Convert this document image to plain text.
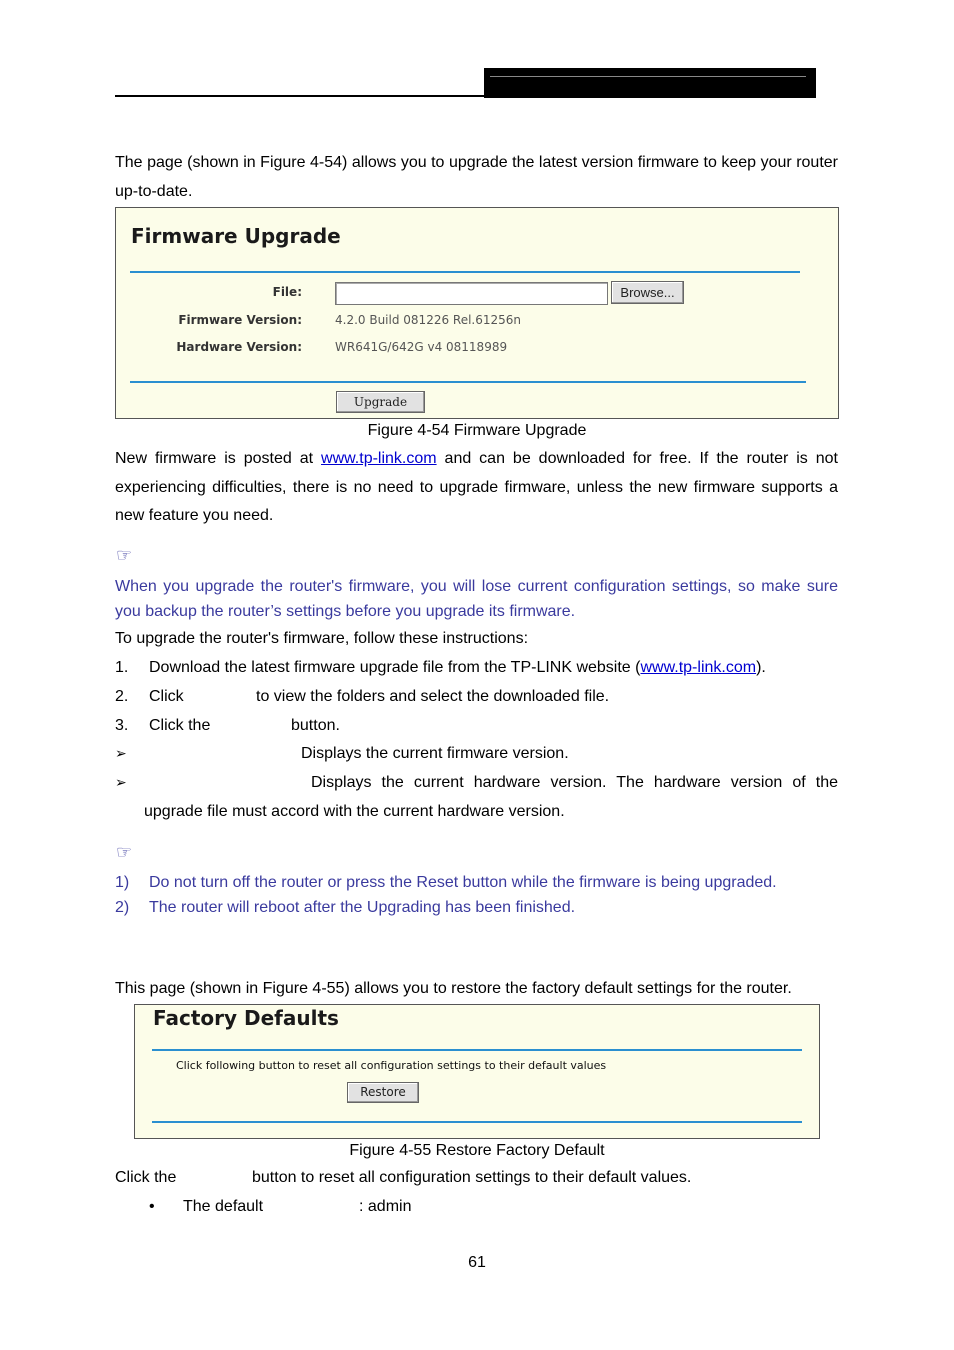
The page (shown in Figure 4-54) allows you to upgrade the latest version firmware to keep your router up-to-date.
Firmware Upgrade
File:	Browse...
Firmware Version:	4.2.0 Build 081226 Rel.61256n
Hardware Version:	WR641G/642G v4 08118989
Upgrade
Figure 4-54 Firmware Upgrade
New firmware is posted at www.tp-link.com and can be downloaded for free. If the router is not experiencing difficulties, there is no need to upgrade firmware, unless the new firmware supports a new feature you need.
☞
When you upgrade the router's firmware, you will lose current configuration settings, so make sure you backup the router’s settings before you upgrade its firmware.
To upgrade the router's firmware, follow these instructions:
1. Download the latest firmware upgrade file from the TP-LINK website (www.tp-link.com).
2. Click	to view the folders and select the downloaded file.
3. Click the	button.
➢	Displays the current firmware version.
➢	Displays the current hardware version. The hardware version of the
upgrade file must accord with the current hardware version.
☞
1) Do not turn off the router or press the Reset button while the firmware is being upgraded.
2) The router will reboot after the Upgrading has been finished.
This page (shown in Figure 4-55) allows you to restore the factory default settings for the router.
Factory Defaults
Click following button to reset all configuration settings to their default values
Restore
Figure 4-55 Restore Factory Default
Click the	button to reset all configuration settings to their default values.
• The default	: admin
61
